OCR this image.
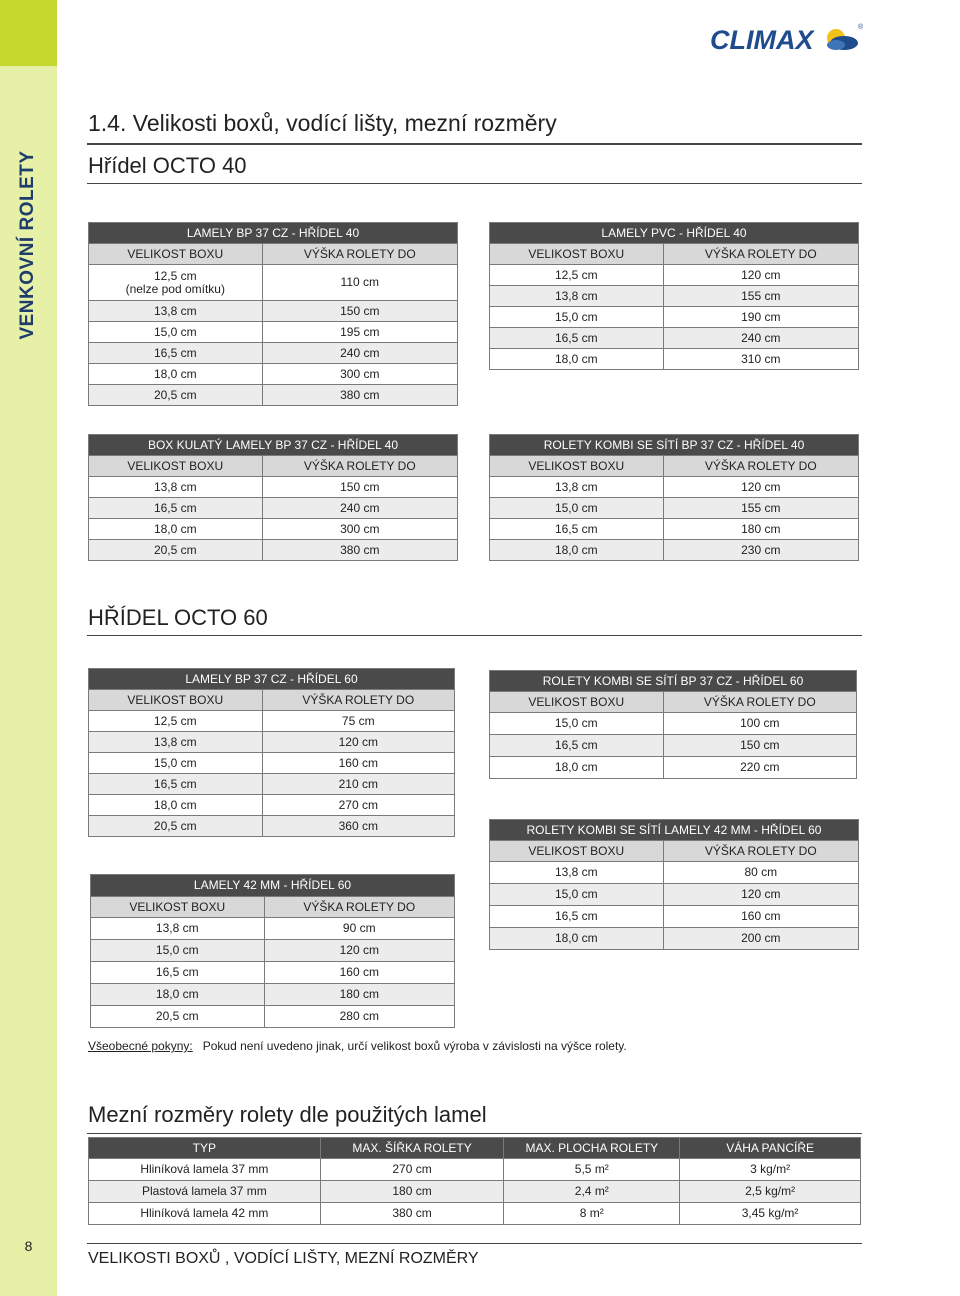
VENKOVNÍ ROLETY
8
CLIMAX	®
1.4. Velikosti boxů, vodící lišty, mezní rozměry
Hřídel OCTO 40
LAMELY BP 37 CZ - HŘÍDEL 40	
VELIKOST BOXU	VÝŠKA ROLETY DO
12,5 cm
(nelze pod omítku)	110 cm
13,8 cm	150 cm
15,0 cm	195 cm
16,5 cm	240 cm
18,0 cm	300 cm
20,5 cm	380 cm
LAMELY PVC - HŘÍDEL 40	
VELIKOST BOXU	VÝŠKA ROLETY DO
12,5 cm	120 cm
13,8 cm	155 cm
15,0 cm	190 cm
16,5 cm	240 cm
18,0 cm	310 cm
BOX KULATÝ LAMELY BP 37 CZ - HŘÍDEL 40	
VELIKOST BOXU	VÝŠKA ROLETY DO
13,8 cm	150 cm
16,5 cm	240 cm
18,0 cm	300 cm
20,5 cm	380 cm
ROLETY KOMBI SE SÍTÍ BP 37 CZ - HŘÍDEL 40	
VELIKOST BOXU	VÝŠKA ROLETY DO
13,8 cm	120 cm
15,0 cm	155 cm
16,5 cm	180 cm
18,0 cm	230 cm
HŘÍDEL OCTO 60
LAMELY BP 37 CZ - HŘÍDEL 60	
VELIKOST BOXU	VÝŠKA ROLETY DO
12,5 cm	75 cm
13,8 cm	120 cm
15,0 cm	160 cm
16,5 cm	210 cm
18,0 cm	270 cm
20,5 cm	360 cm
ROLETY KOMBI SE SÍTÍ BP 37 CZ - HŘÍDEL 60	
VELIKOST BOXU	VÝŠKA ROLETY DO
15,0 cm	100 cm
16,5 cm	150 cm
18,0 cm	220 cm
ROLETY KOMBI SE SÍTÍ LAMELY 42 MM - HŘÍDEL 60	
VELIKOST BOXU	VÝŠKA ROLETY DO
13,8 cm	80 cm
15,0 cm	120 cm
16,5 cm	160 cm
18,0 cm	200 cm
LAMELY 42 MM - HŘÍDEL 60	
VELIKOST BOXU	VÝŠKA ROLETY DO
13,8 cm	90 cm
15,0 cm	120 cm
16,5 cm	160 cm
18,0 cm	180 cm
20,5 cm	280 cm
Všeobecné pokyny: Pokud není uvedeno jinak, určí velikost boxů výroba v závislosti na výšce rolety.
Mezní rozměry rolety dle použitých lamel
TYP	MAX. ŠÍŘKA ROLETY	MAX. PLOCHA ROLETY	VÁHA PANCÍŘE
Hliníková lamela 37 mm	270 cm	5,5 m²	3 kg/m²
Plastová lamela 37 mm	180 cm	2,4 m²	2,5 kg/m²
Hliníková lamela 42 mm	380 cm	8 m²	3,45 kg/m²
VELIKOSTI BOXŮ , VODÍCÍ LIŠTY, MEZNÍ ROZMĚRY
